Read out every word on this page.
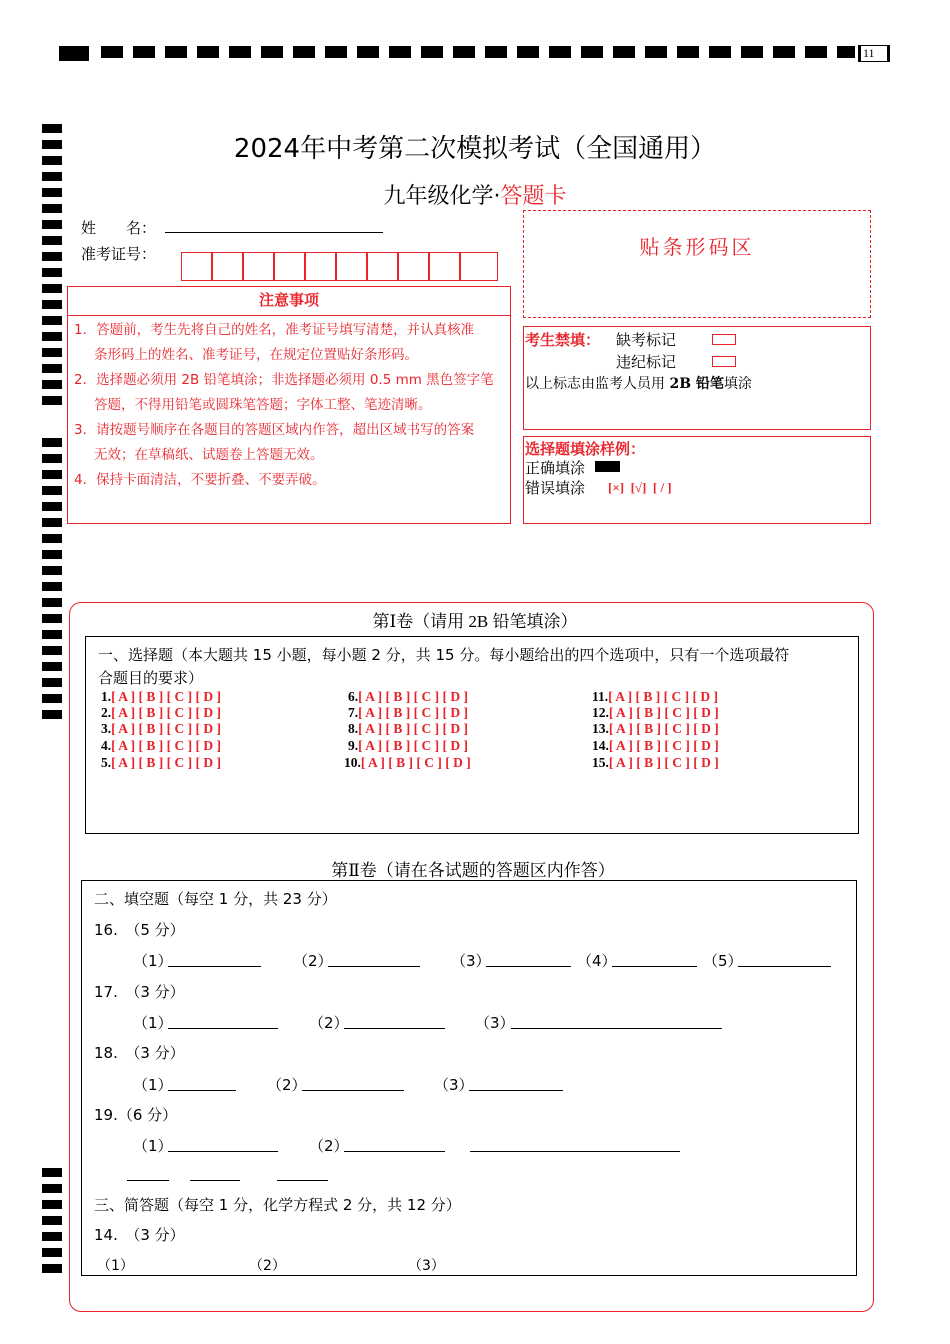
11
2024年中考第二次模拟考试（全国通用）
九年级化学·答题卡
姓　　名：
准考证号：	贴条形码区
注意事项
1．答题前，考生先将自己的姓名，准考证号填写清楚，并认真核准
条形码上的姓名、准考证号，在规定位置贴好条形码。
2．选择题必须用 2B 铅笔填涂；非选择题必须用 0.5 mm 黑色签字笔
答题，不得用铅笔或圆珠笔答题；字体工整、笔迹清晰。
3．请按题号顺序在各题目的答题区域内作答，超出区域书写的答案
无效；在草稿纸、试题卷上答题无效。
4．保持卡面清洁，不要折叠、不要弄破。
考生禁填： 缺考标记
违纪标记
以上标志由监考人员用 2B 铅笔填涂
选择题填涂样例：
正确填涂
错误填涂 [×]  [√]  [ / ]
第Ⅰ卷（请用 2B 铅笔填涂）
一、选择题（本大题共 15 小题，每小题 2 分，共 15 分。每小题给出的四个选项中，只有一个选项最符
合题目的要求）
1.[ A ] [ B ] [ C ] [ D ]
2.[ A ] [ B ] [ C ] [ D ]
3.[ A ] [ B ] [ C ] [ D ]
4.[ A ] [ B ] [ C ] [ D ]
5.[ A ] [ B ] [ C ] [ D ]
6.[ A ] [ B ] [ C ] [ D ]
7.[ A ] [ B ] [ C ] [ D ]
8.[ A ] [ B ] [ C ] [ D ]
9.[ A ] [ B ] [ C ] [ D ]
10.[ A ] [ B ] [ C ] [ D ]
11.[ A ] [ B ] [ C ] [ D ]
12.[ A ] [ B ] [ C ] [ D ]
13.[ A ] [ B ] [ C ] [ D ]
14.[ A ] [ B ] [ C ] [ D ]
15.[ A ] [ B ] [ C ] [ D ]
第Ⅱ卷（请在各试题的答题区内作答）
二、填空题（每空 1 分，共 23 分）
16.　（5 分）
（1）	（2）	（3）	（4）	（5）
17.　（3 分）
（1）	（2）	（3）
18.　（3 分）
（1）	（2）	（3）
19.（6 分）
（1）	（2）
三、简答题（每空 1 分，化学方程式 2 分，共 12 分）
14.　（3 分）
（1）	（2）	（3）
